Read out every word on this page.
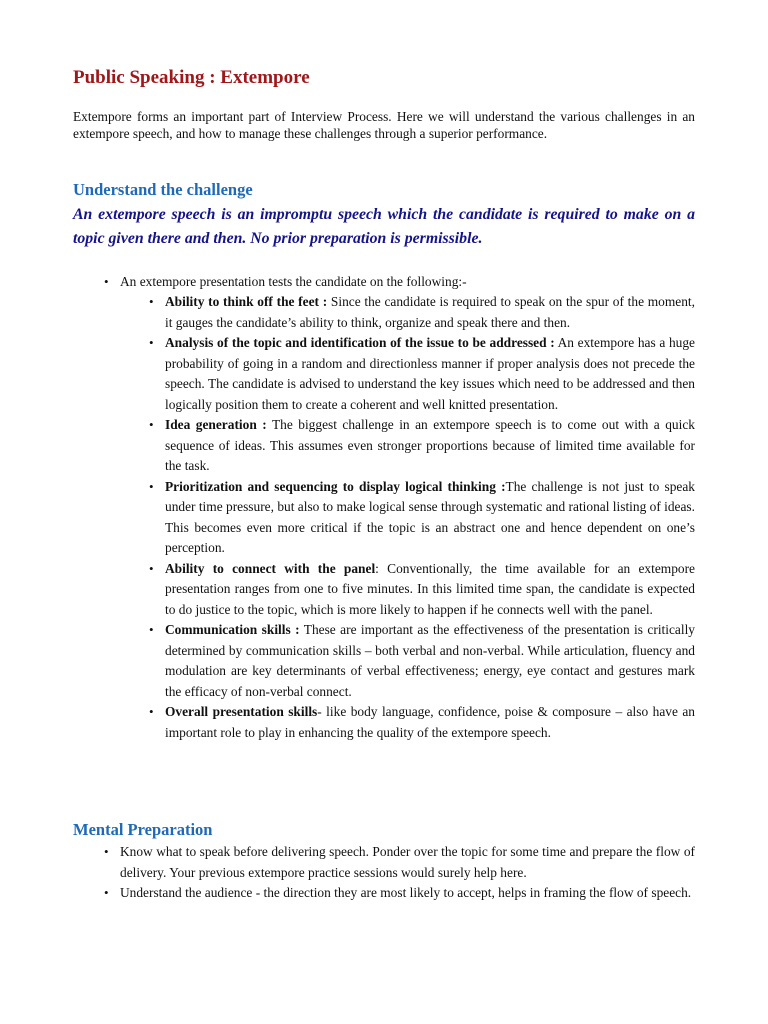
Public Speaking : Extempore

Extempore forms an important part of Interview Process. Here we will understand the various challenges in an extempore speech, and how to manage these challenges through a superior performance.

Understand the challenge

An extempore speech is an impromptu speech which the candidate is required to make on a topic given there and then. No prior preparation is permissible.

• An extempore presentation tests the candidate on the following:-
• Ability to think off the feet : Since the candidate is required to speak on the spur of the moment, it gauges the candidate’s ability to think, organize and speak there and then.
• Analysis of the topic and identification of the issue to be addressed : An extempore has a huge probability of going in a random and directionless manner if proper analysis does not precede the speech. The candidate is advised to understand the key issues which need to be addressed and then logically position them to create a coherent and well knitted presentation.
• Idea generation : The biggest challenge in an extempore speech is to come out with a quick sequence of ideas. This assumes even stronger proportions because of limited time available for the task.
• Prioritization and sequencing to display logical thinking :The challenge is not just to speak under time pressure, but also to make logical sense through systematic and rational listing of ideas. This becomes even more critical if the topic is an abstract one and hence dependent on one’s perception.
• Ability to connect with the panel: Conventionally, the time available for an extempore presentation ranges from one to five minutes. In this limited time span, the candidate is expected to do justice to the topic, which is more likely to happen if he connects well with the panel.
• Communication skills : These are important as the effectiveness of the presentation is critically determined by communication skills – both verbal and non-verbal. While articulation, fluency and modulation are key determinants of verbal effectiveness; energy, eye contact and gestures mark the efficacy of non-verbal connect.
• Overall presentation skills- like body language, confidence, poise & composure – also have an important role to play in enhancing the quality of the extempore speech.
Mental Preparation
• Know what to speak before delivering speech. Ponder over the topic for some time and prepare the flow of delivery. Your previous extempore practice sessions would surely help here.
• Understand the audience - the direction they are most likely to accept, helps in framing the flow of speech.
